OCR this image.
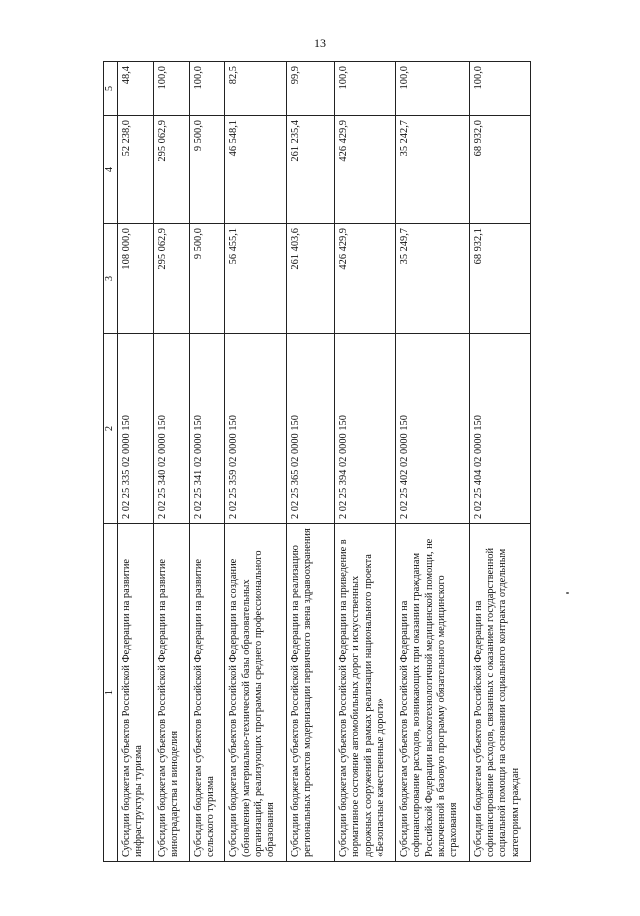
13
1	2	3	4	5
Субсидии бюджетам субъектов Российской Федерации на развитие инфраструктуры туризма	2 02 25 335 02 0000 150	108 000,0	52 238,0	48,4
Субсидии бюджетам субъектов Российской Федерации на развитие виноградарства и виноделия	2 02 25 340 02 0000 150	295 062,9	295 062,9	100,0
Субсидии бюджетам субъектов Российской Федерации на развитие сельского туризма	2 02 25 341 02 0000 150	9 500,0	9 500,0	100,0
Субсидии бюджетам субъектов Российской Федерации на создание (обновление) материально-технической базы образовательных организаций, реализующих программы среднего профессионального образования	2 02 25 359 02 0000 150	56 455,1	46 548,1	82,5
Субсидии бюджетам субъектов Российской Федерации на реализацию региональных проектов модернизации первичного звена здравоохранения	2 02 25 365 02 0000 150	261 403,6	261 235,4	99,9
Субсидии бюджетам субъектов Российской Федерации на приведение в нормативное состояние автомобильных дорог и искусственных дорожных сооружений в рамках реализации национального проекта «Безопасные качественные дороги»	2 02 25 394 02 0000 150	426 429,9	426 429,9	100,0
Субсидии бюджетам субъектов Российской Федерации на софинансирование расходов, возникающих при оказании гражданам Российской Федерации высокотехнологичной медицинской помощи, не включенной в базовую программу обязательного медицинского страхования	2 02 25 402 02 0000 150	35 249,7	35 242,7	100,0
Субсидии бюджетам субъектов Российской Федерации на софинансирование расходов, связанных с оказанием государственной социальной помощи на основании социального контракта отдельным категориям граждан	2 02 25 404 02 0000 150	68 932,1	68 932,0	100,0
